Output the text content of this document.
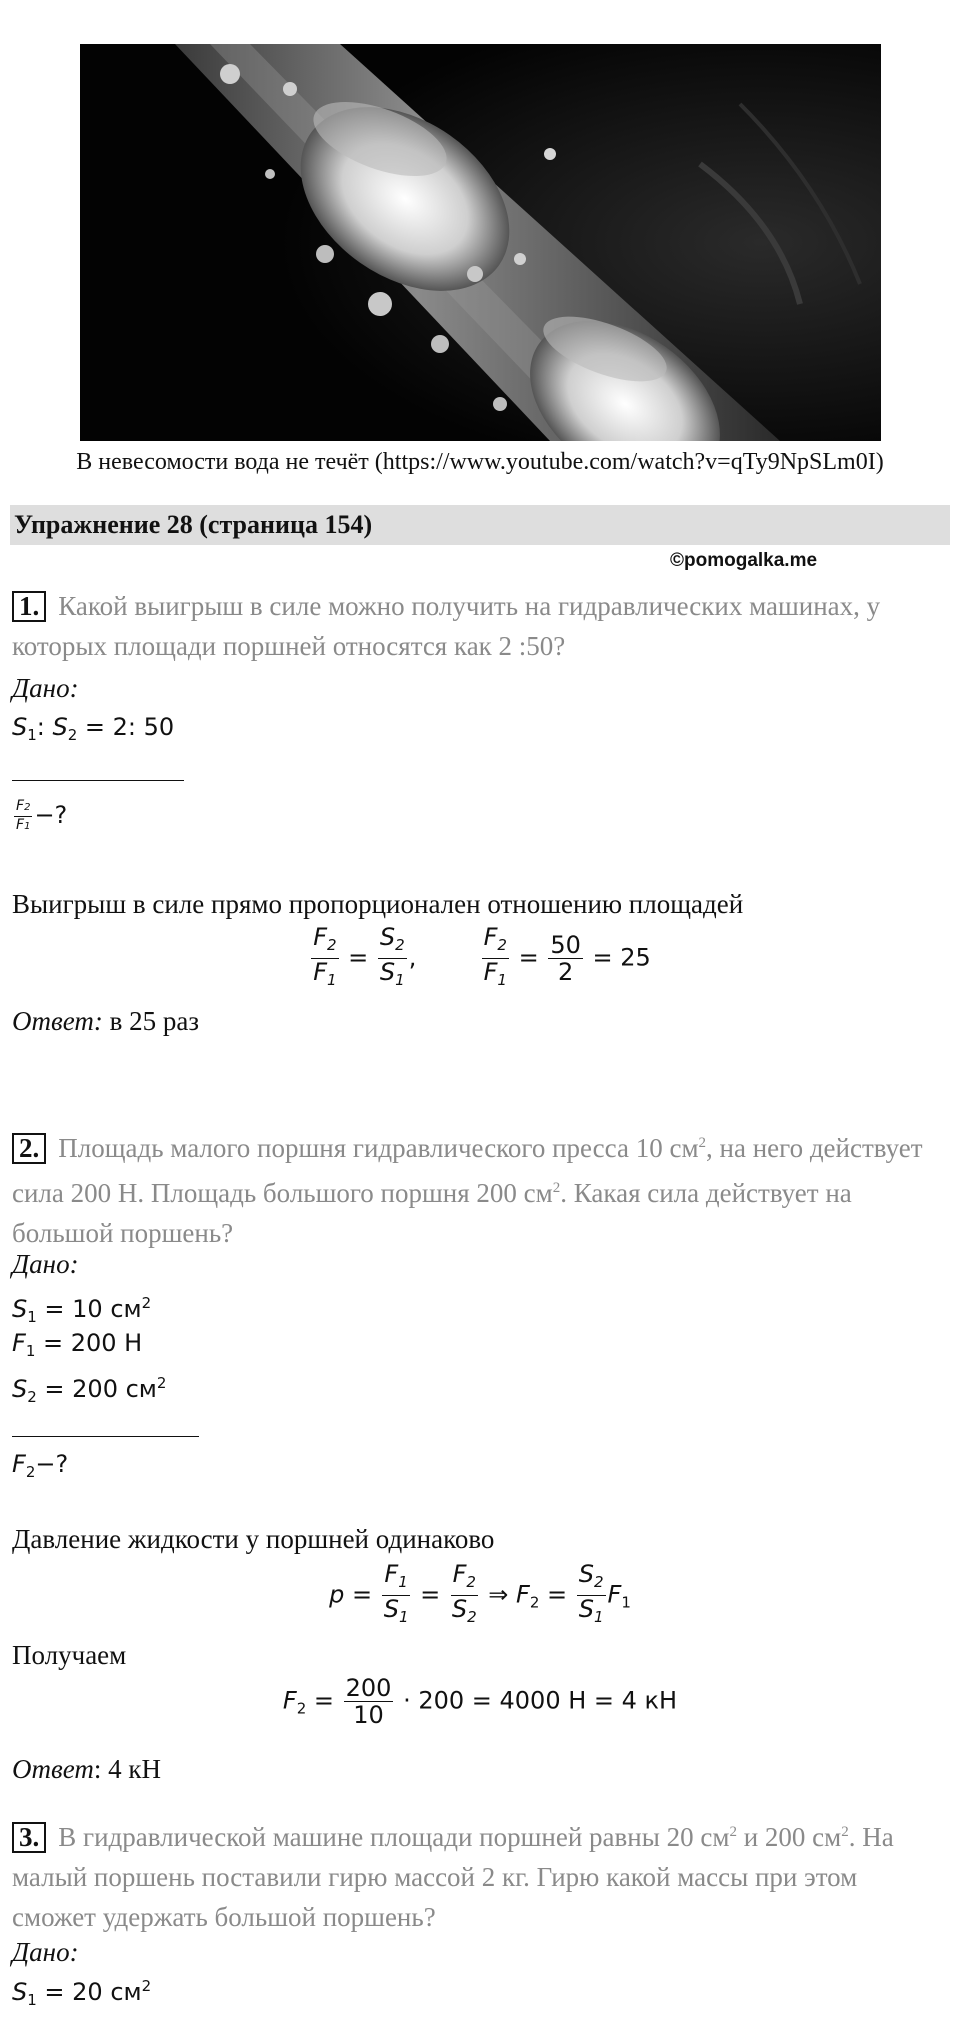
В невесомости вода не течёт (https://www.youtube.com/watch?v=qTy9NpSLm0I)
Упражнение 28 (страница 154)
©pomogalka.me
1. Какой выигрыш в силе можно получить на гидравлических машинах, у которых площади поршней относятся как 2 :50?
Дано:
$S_1$: $S_2 = 2$: 50
$\frac{F2}{F1}$ −?
Выигрыш в силе прямо пропорционален отношению площадей
$\frac{F_2}{F_1} = \frac{S_2}{S_1}$ , $\frac{F_2}{F_1} = \frac{50}{2} = 25$
Ответ: в 25 раз
2. Площадь малого поршня гидравлического пресса 10 $см^2$, на него действует сила 200 Н. Площадь большого поршня 200 $см^2$. Какая сила действует на большой поршень?
Дано:
$S_1 = 10$ $см^2$
$F_1 = 200$ Н
$S_2 = 200$ $см^2$
$F_2-$?
Давление жидкости у поршней одинаково
$p = \frac{F_1}{S_1} = \frac{F_2}{S_2}$ ⇒ $F_2 = \frac{S_2}{S_1} F_1$
Получаем
$F_2 = \frac{200}{10} \cdot 200 = 4000$ Н = 4 кН
Ответ: 4 кН
3. В гидравлической машине площади поршней равны 20 $см^2$ и 200 $см^2$. На малый поршень поставили гирю массой 2 кг. Гирю какой массы при этом сможет удержать большой поршень?
Дано:
$S_1 = 20$ $см^2$
